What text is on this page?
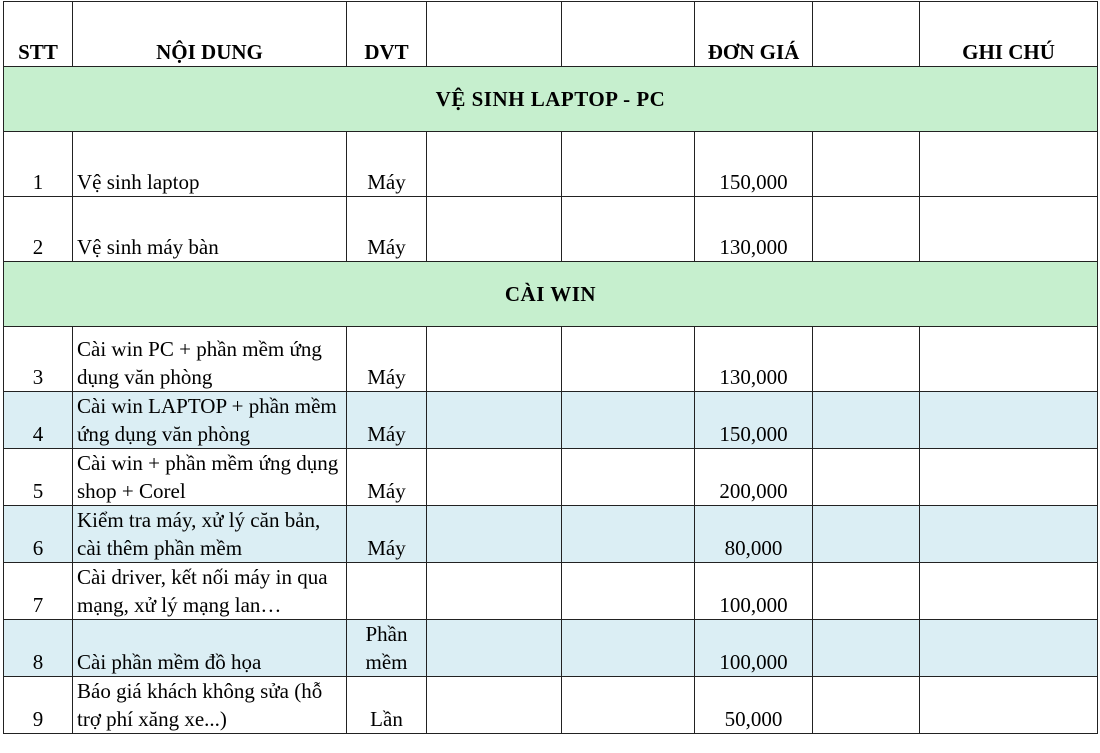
STT	NỘI DUNG	DVT			ĐƠN GIÁ		GHI CHÚ
VỆ SINH LAPTOP - PC							
1	Vệ sinh laptop	Máy			150,000		
2	Vệ sinh máy bàn	Máy			130,000		
CÀI WIN							
3	Cài win PC + phần mềm ứng dụng văn phòng	Máy			130,000		
4	Cài win LAPTOP + phần mềm ứng dụng văn phòng	Máy			150,000		
5	Cài win + phần mềm ứng dụng shop + Corel	Máy			200,000		
6	Kiểm tra máy, xử lý căn bản, cài thêm phần mềm	Máy			80,000		
7	Cài driver, kết nối máy in qua mạng, xử lý mạng lan…				100,000		
8	Cài phần mềm đồ họa	Phần mềm			100,000		
9	Báo giá khách không sửa (hỗ trợ phí xăng xe...)	Lần			50,000		
